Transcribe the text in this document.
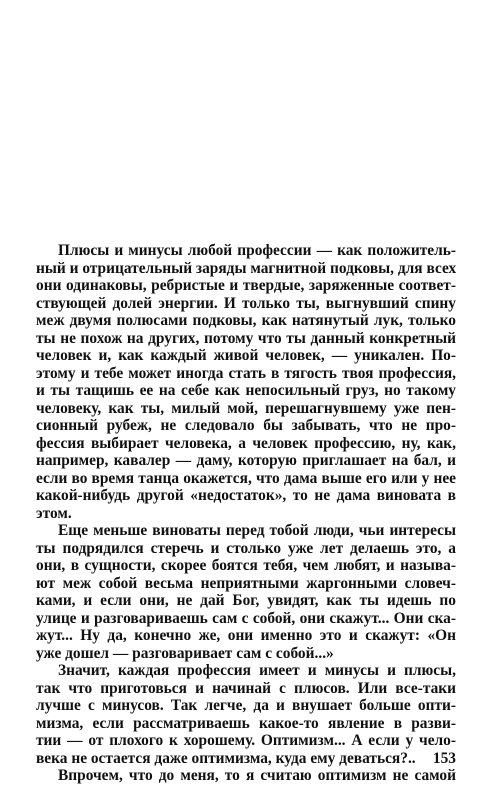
Плюсы и минусы любой профессии — как положитель-
ный и отрицательный заряды магнитной подковы, для всех
они одинаковы, ребристые и твердые, заряженные соответ-
ствующей долей энергии. И только ты, выгнувший спину
меж двумя полюсами подковы, как натянутый лук, только
ты не похож на других, потому что ты данный конкретный
человек и, как каждый живой человек, — уникален. По-
этому и тебе может иногда стать в тягость твоя профессия,
и ты тащишь ее на себе как непосильный груз, но такому
человеку, как ты, милый мой, перешагнувшему уже пен-
сионный рубеж, не следовало бы забывать, что не про-
фессия выбирает человека, а человек профессию, ну, как,
например, кавалер — даму, которую приглашает на бал, и
если во время танца окажется, что дама выше его или у нее
какой-нибудь другой «недостаток», то не дама виновата в
этом.
Еще меньше виноваты перед тобой люди, чьи интересы
ты подрядился стеречь и столько уже лет делаешь это, а
они, в сущности, скорее боятся тебя, чем любят, и называ-
ют меж собой весьма неприятными жаргонными словеч-
ками, и если они, не дай Бог, увидят, как ты идешь по
улице и разговариваешь сам с собой, они скажут... Они ска-
жут... Ну да, конечно же, они именно это и скажут: «Он
уже дошел — разговаривает сам с собой...»
Значит, каждая профессия имеет и минусы и плюсы,
так что приготовься и начинай с плюсов. Или все-таки
лучше с минусов. Так легче, да и внушает больше опти-
мизма, если рассматриваешь какое-то явление в разви-
тии — от плохого к хорошему. Оптимизм... А если у чело-
века не остается даже оптимизма, куда ему деваться?..
Впрочем, что до меня, то я считаю оптимизм не самой
153
